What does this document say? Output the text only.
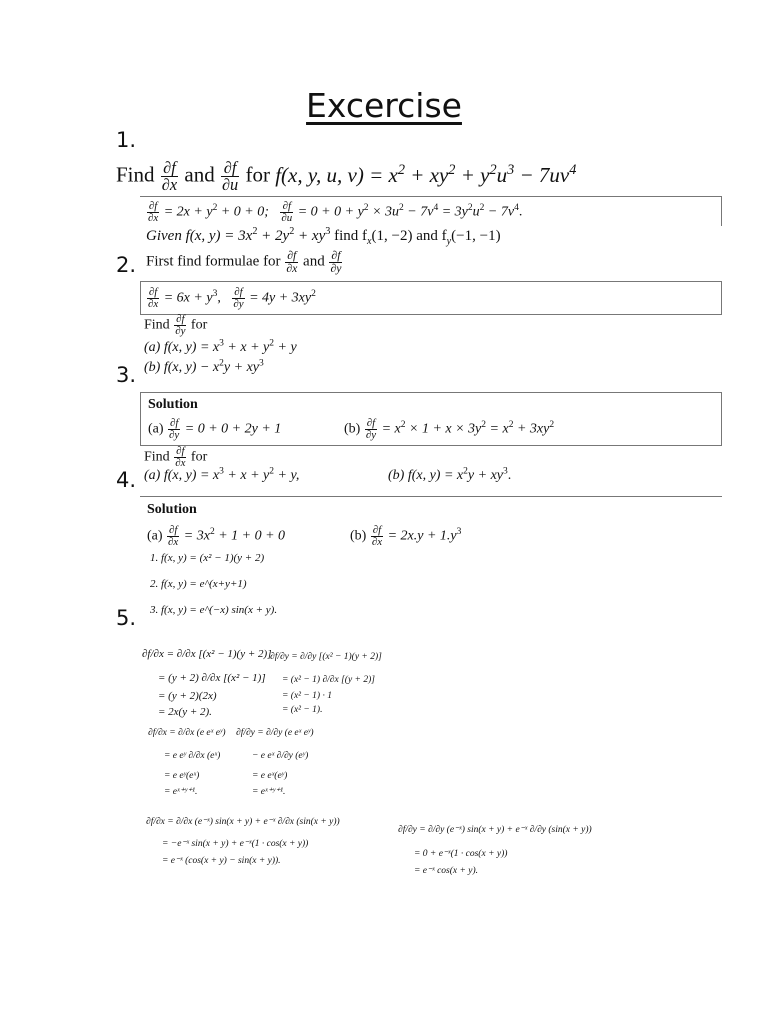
Excercise
1.
Find $\frac{\partial f}{\partial x}$ and $\frac{\partial f}{\partial u}$ for f(x, y, u, $v) = x^2 + xy^2 + y^2u^3 - 7uv^4$
$\frac{\partial f}{\partial x} = 2x + y^2 + 0 + 0$; $\frac{\partial f}{\partial u} = 0 + 0 + y^2 \times 3u^2 - 7v^4 = 3y^2u^2 - 7v^4$.
Given f(x, $y) = 3x^2 + 2y^2 + xy^3$ find $f_x(1$, −2) and $f_y(-1$, −1)
2. First find formulae for $\frac{\partial f}{\partial x}$ and $\frac{\partial f}{\partial y}$
$\frac{\partial f}{\partial x} = 6x + y^3$, $\frac{\partial f}{\partial y} = 4y + 3xy^2$
Find $\frac{\partial f}{\partial y}$ for
(a) f(x, $y) = x^3 + x + y^2 + y$
3. (b) f(x, $y) - x^2y + xy^3$
Solution
$(a) \frac{\partial f}{\partial y} = 0 + 0 + 2y + 1$	$(b) \frac{\partial f}{\partial y} = x^2 \times 1 + x \times 3y^2 = x^2 + 3xy^2$
Find $\frac{\partial f}{\partial x}$ for
4. (a) f(x, $y) = x^3 + x + y^2 + y$,	(b) f(x, $y) = x^2y + xy^3$.
Solution
$(a) \frac{\partial f}{\partial x} = 3x^2 + 1 + 0 + 0$	$(b) \frac{\partial f}{\partial x} = 2x.y + 1.y^3$
1. f(x, y) = (x² − 1)(y + 2)
2. f(x, y) = e^(x+y+1)
5. 3. f(x, y) = e^(−x) sin(x + y).
∂f/∂x = ∂/∂x [(x² − 1)(y + 2)]
= (y + 2) ∂/∂x [(x² − 1)]
= (y + 2)(2x)
= 2x(y + 2).
∂f/∂y = ∂/∂y [(x² − 1)(y + 2)]
= (x² − 1) ∂/∂x [(y + 2)]
= (x² − 1) · 1
= (x² − 1).
∂f/∂x = ∂/∂x (e eˣ eʸ)
= e eʸ ∂/∂x (eˣ)
= e eʸ(eˣ)
= eˣ⁺ʸ⁺¹.
∂f/∂y = ∂/∂y (e eˣ eʸ)
− e eˣ ∂/∂y (eʸ)
= e eˣ(eʸ)
= eˣ⁺ʸ⁺¹.
∂f/∂x = ∂/∂x (e⁻ˣ) sin(x + y) + e⁻ˣ ∂/∂x (sin(x + y))
= −e⁻ˣ sin(x + y) + e⁻ˣ(1 · cos(x + y))
= e⁻ˣ (cos(x + y) − sin(x + y)).
∂f/∂y = ∂/∂y (e⁻ˣ) sin(x + y) + e⁻ˣ ∂/∂y (sin(x + y))
= 0 + e⁻ˣ(1 · cos(x + y))
= e⁻ˣ cos(x + y).
